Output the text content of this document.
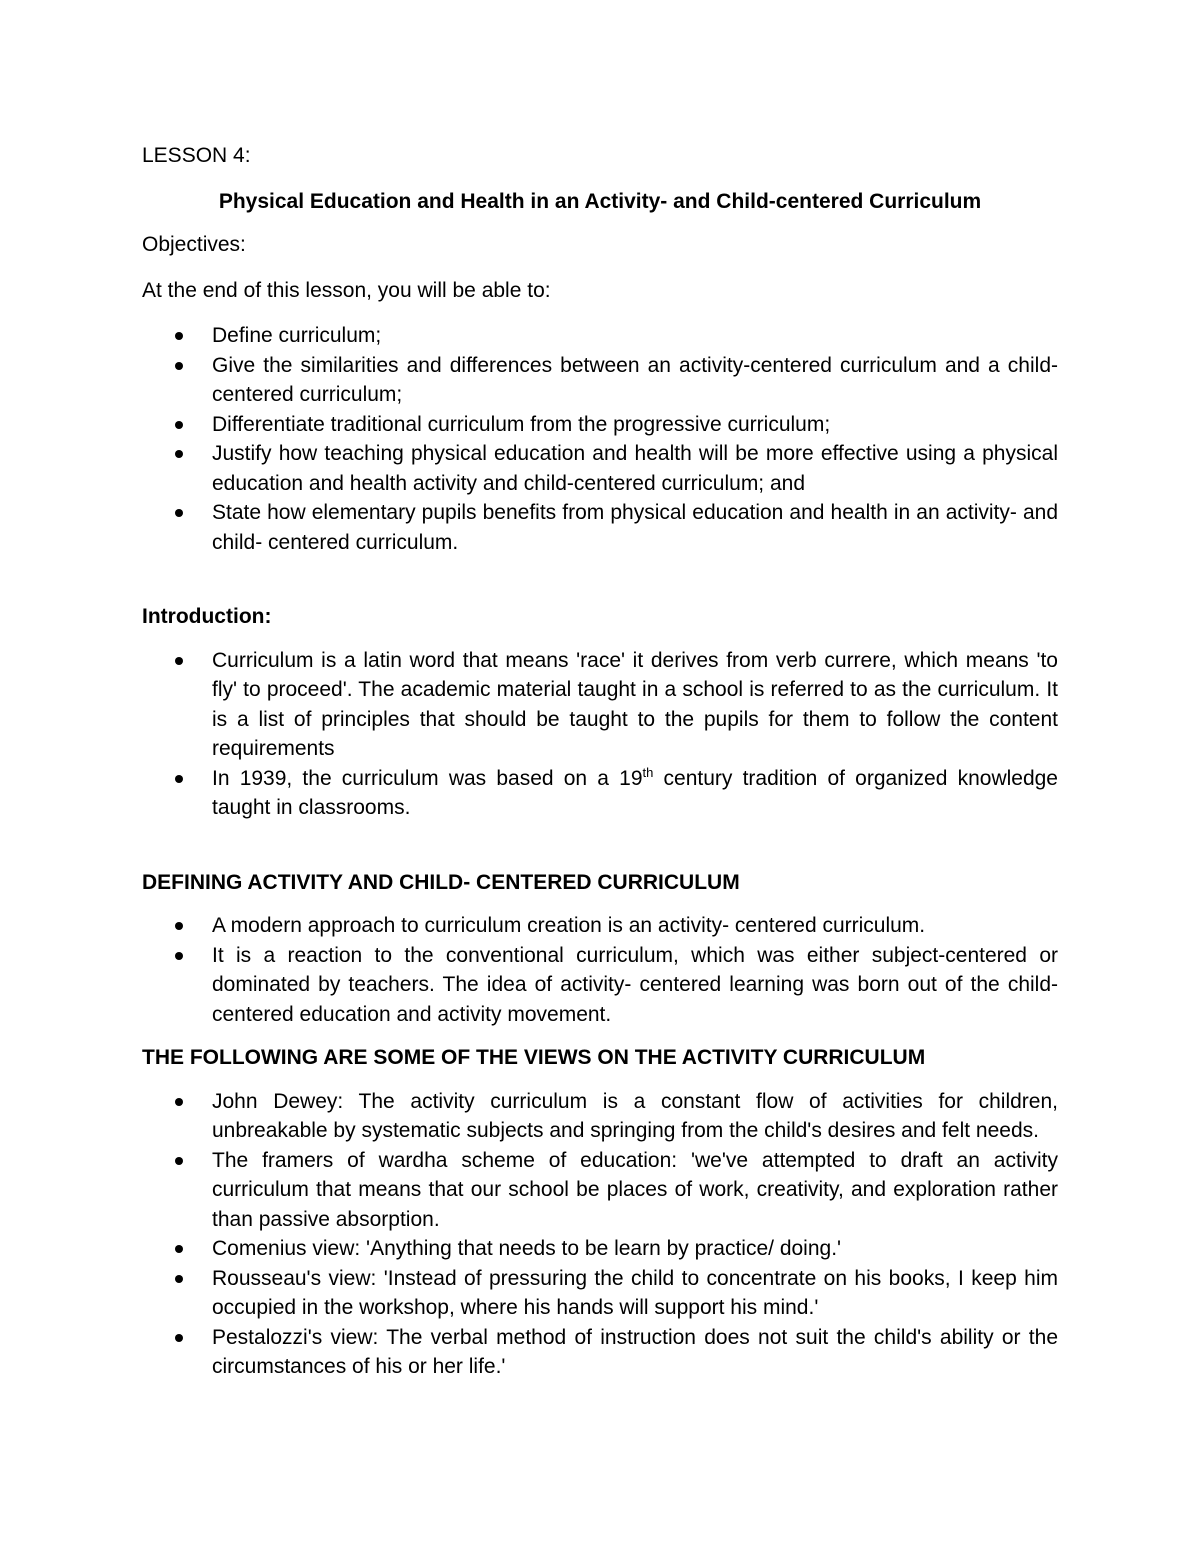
LESSON 4:

Physical Education and Health in an Activity- and Child-centered Curriculum

Objectives:

At the end of this lesson, you will be able to:

Define curriculum;
Give the similarities and differences between an activity-centered curriculum and a child- centered curriculum;
Differentiate traditional curriculum from the progressive curriculum;
Justify how teaching physical education and health will be more effective using a physical education and health activity and child-centered curriculum; and
State how elementary pupils benefits from physical education and health in an activity- and child- centered curriculum.

Introduction:

Curriculum is a latin word that means 'race' it derives from verb currere, which means 'to fly' to proceed'. The academic material taught in a school is referred to as the curriculum. It is a list of principles that should be taught to the pupils for them to follow the content requirements
In 1939, the curriculum was based on a 19th century tradition of organized knowledge taught in classrooms.

DEFINING ACTIVITY AND CHILD- CENTERED CURRICULUM

A modern approach to curriculum creation is an activity- centered curriculum.
It is a reaction to the conventional curriculum, which was either subject-centered or dominated by teachers. The idea of activity- centered learning was born out of the child- centered education and activity movement.

THE FOLLOWING ARE SOME OF THE VIEWS ON THE ACTIVITY CURRICULUM

John Dewey: The activity curriculum is a constant flow of activities for children, unbreakable by systematic subjects and springing from the child's desires and felt needs.
The framers of wardha scheme of education: 'we've attempted to draft an activity curriculum that means that our school be places of work, creativity, and exploration rather than passive absorption.
Comenius view: 'Anything that needs to be learn by practice/ doing.'
Rousseau's view: 'Instead of pressuring the child to concentrate on his books, I keep him occupied in the workshop, where his hands will support his mind.'
Pestalozzi's view: The verbal method of instruction does not suit the child's ability or the circumstances of his or her life.'
